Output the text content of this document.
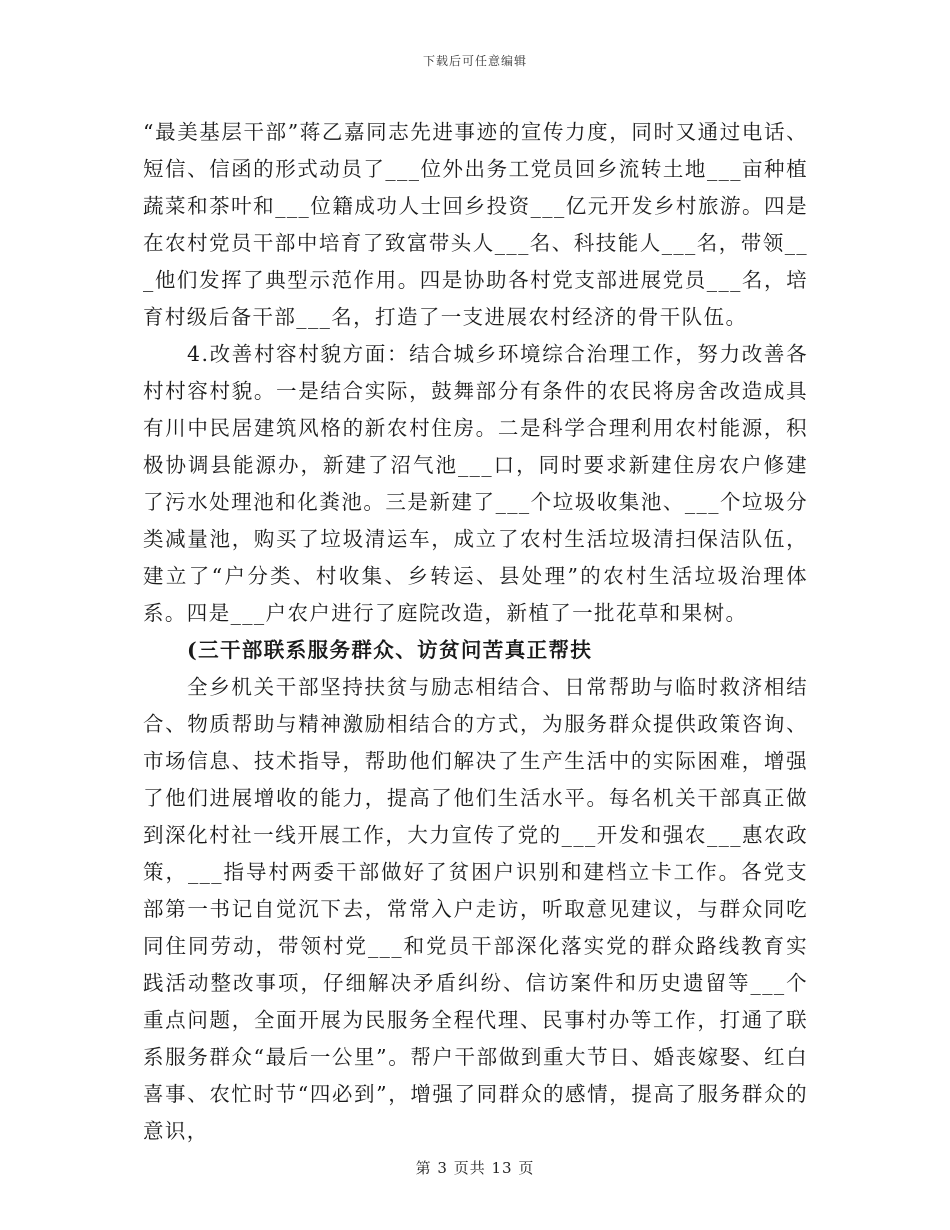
下载后可任意编辑

“最美基层干部”蒋乙嘉同志先进事迹的宣传力度，同时又通过电话、短信、信函的形式动员了___位外出务工党员回乡流转土地___亩种植蔬菜和茶叶和___位籍成功人士回乡投资___亿元开发乡村旅游。四是在农村党员干部中培育了致富带头人___名、科技能人___名，带领___他们发挥了典型示范作用。四是协助各村党支部进展党员___名，培育村级后备干部___名，打造了一支进展农村经济的骨干队伍。

4.改善村容村貌方面：结合城乡环境综合治理工作，努力改善各村村容村貌。一是结合实际，鼓舞部分有条件的农民将房舍改造成具有川中民居建筑风格的新农村住房。二是科学合理利用农村能源，积极协调县能源办，新建了沼气池___口，同时要求新建住房农户修建了污水处理池和化粪池。三是新建了___个垃圾收集池、___个垃圾分类减量池，购买了垃圾清运车，成立了农村生活垃圾清扫保洁队伍，建立了“户分类、村收集、乡转运、县处理”的农村生活垃圾治理体系。四是___户农户进行了庭院改造，新植了一批花草和果树。

(三干部联系服务群众、访贫问苦真正帮扶

全乡机关干部坚持扶贫与励志相结合、日常帮助与临时救济相结合、物质帮助与精神激励相结合的方式，为服务群众提供政策咨询、市场信息、技术指导，帮助他们解决了生产生活中的实际困难，增强了他们进展增收的能力，提高了他们生活水平。每名机关干部真正做到深化村社一线开展工作，大力宣传了党的___开发和强农___惠农政策，___指导村两委干部做好了贫困户识别和建档立卡工作。各党支部第一书记自觉沉下去，常常入户走访，听取意见建议，与群众同吃同住同劳动，带领村党___和党员干部深化落实党的群众路线教育实践活动整改事项，仔细解决矛盾纠纷、信访案件和历史遗留等___个重点问题，全面开展为民服务全程代理、民事村办等工作，打通了联系服务群众“最后一公里”。帮户干部做到重大节日、婚丧嫁娶、红白喜事、农忙时节“四必到”，增强了同群众的感情，提高了服务群众的意识，

第 3 页共 13 页
